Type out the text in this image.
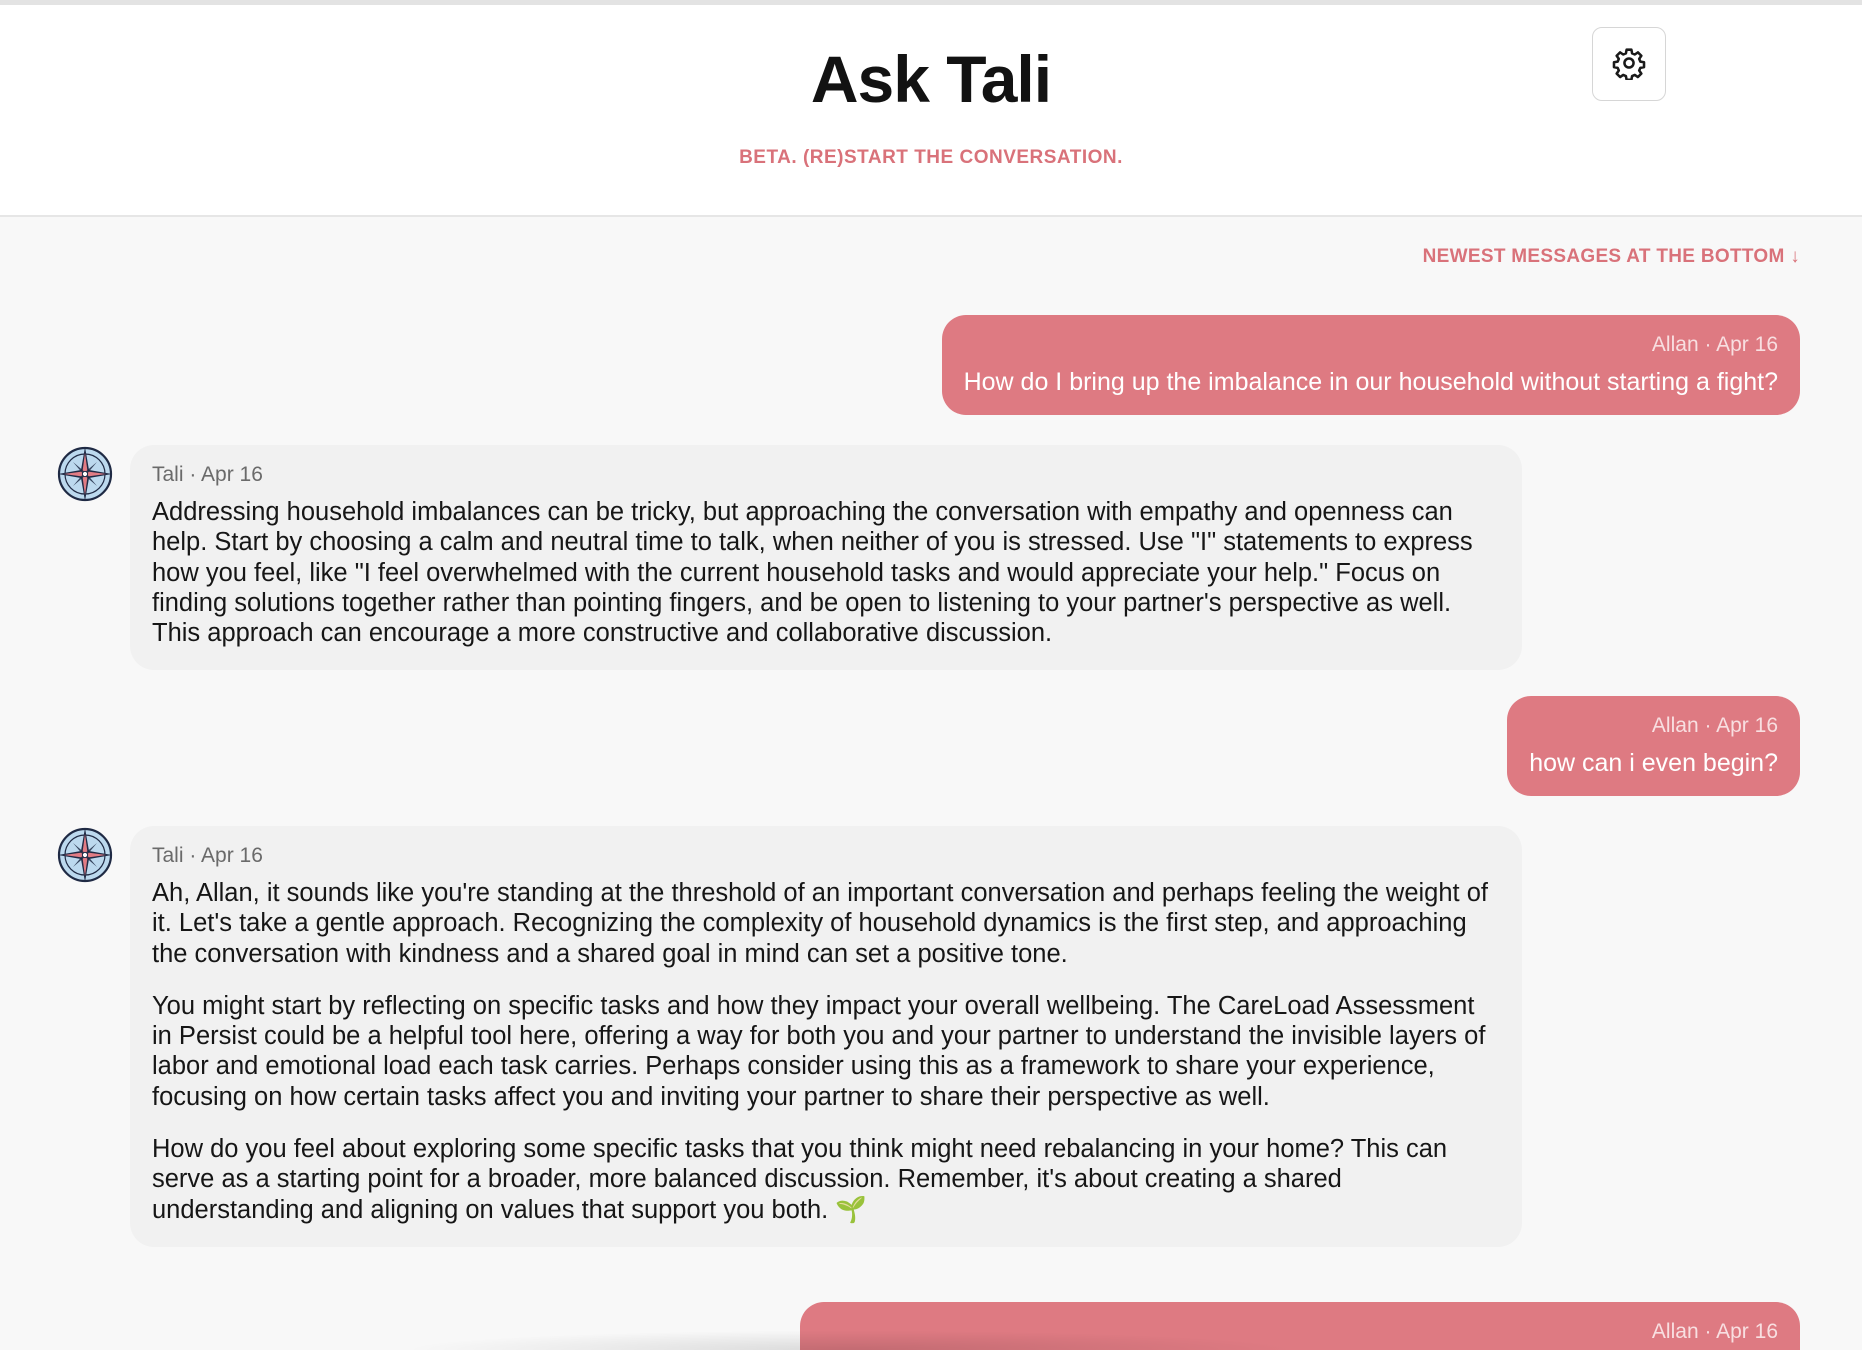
Ask Tali
BETA. (RE)START THE CONVERSATION.
NEWEST MESSAGES AT THE BOTTOM ↓
Allan · Apr 16
How do I bring up the imbalance in our household without starting a fight?
Tali · Apr 16

Addressing household imbalances can be tricky, but approaching the conversation with empathy and openness can help. Start by choosing a calm and neutral time to talk, when neither of you is stressed. Use "I" statements to express how you feel, like "I feel overwhelmed with the current household tasks and would appreciate your help." Focus on finding solutions together rather than pointing fingers, and be open to listening to your partner's perspective as well. This approach can encourage a more constructive and collaborative discussion.

Allan · Apr 16
how can i even begin?
Tali · Apr 16

Ah, Allan, it sounds like you're standing at the threshold of an important conversation and perhaps feeling the weight of it. Let's take a gentle approach. Recognizing the complexity of household dynamics is the first step, and approaching the conversation with kindness and a shared goal in mind can set a positive tone.

You might start by reflecting on specific tasks and how they impact your overall wellbeing. The CareLoad Assessment in Persist could be a helpful tool here, offering a way for both you and your partner to understand the invisible layers of labor and emotional load each task carries. Perhaps consider using this as a framework to share your experience, focusing on how certain tasks affect you and inviting your partner to share their perspective as well.

How do you feel about exploring some specific tasks that you think might need rebalancing in your home? This can serve as a starting point for a broader, more balanced discussion. Remember, it's about creating a shared understanding and aligning on values that support you both. 🌱

Allan · Apr 16
